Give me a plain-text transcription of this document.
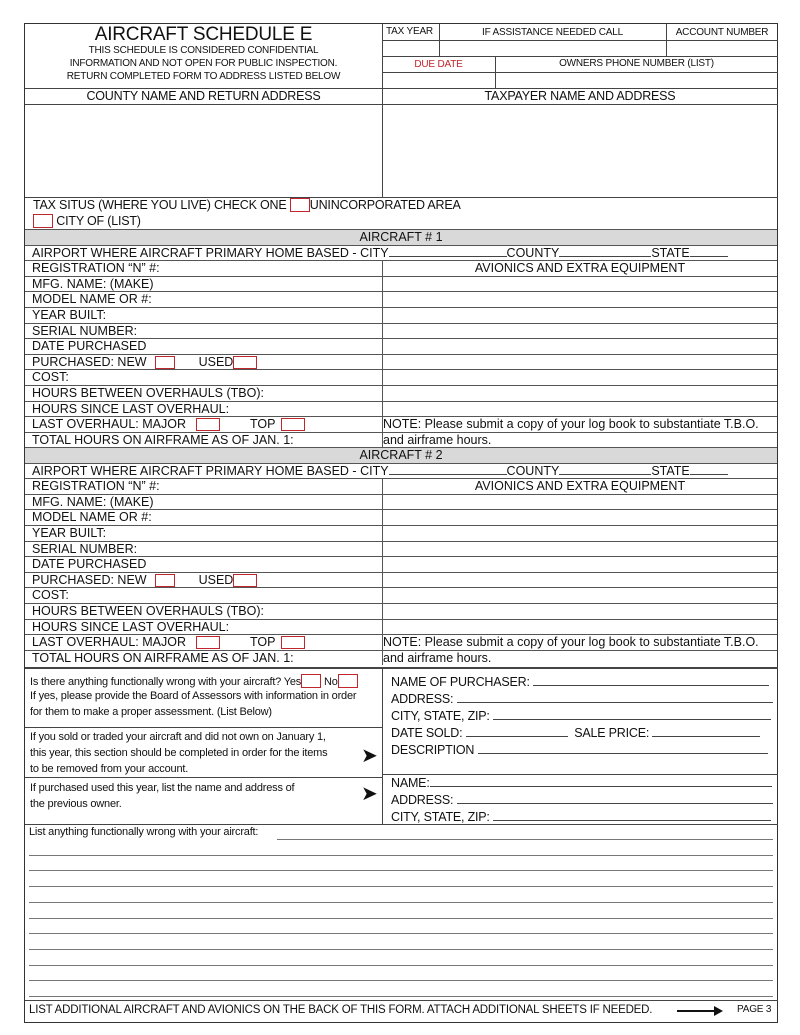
AIRCRAFT SCHEDULE E
THIS SCHEDULE IS CONSIDERED CONFIDENTIAL
INFORMATION AND NOT OPEN FOR PUBLIC INSPECTION.
RETURN COMPLETED FORM TO ADDRESS LISTED BELOW
TAX YEAR	IF ASSISTANCE NEEDED CALL	ACCOUNT NUMBER
DUE DATE	OWNERS PHONE NUMBER (LIST)
COUNTY NAME AND RETURN ADDRESS	TAXPAYER NAME AND ADDRESS
TAX SITUS (WHERE YOU LIVE) CHECK ONE UNINCORPORATED AREA
CITY OF (LIST)
AIRCRAFT # 1
AIRPORT WHERE AIRCRAFT PRIMARY HOME BASED - CITY	COUNTY	STATE
REGISTRATION “N” #:	AVIONICS AND EXTRA EQUIPMENT
MFG. NAME: (MAKE)
MODEL NAME OR #:
YEAR BUILT:
SERIAL NUMBER:
DATE PURCHASED
PURCHASED: NEW	USED
COST:
HOURS BETWEEN OVERHAULS (TBO):
HOURS SINCE LAST OVERHAUL:
LAST OVERHAUL: MAJOR	TOP	NOTE: Please submit a copy of your log book to substantiate T.B.O.
TOTAL HOURS ON AIRFRAME AS OF JAN. 1:	and airframe hours.
AIRCRAFT # 2
AIRPORT WHERE AIRCRAFT PRIMARY HOME BASED - CITY	COUNTY	STATE
REGISTRATION “N” #:	AVIONICS AND EXTRA EQUIPMENT
MFG. NAME: (MAKE)
MODEL NAME OR #:
YEAR BUILT:
SERIAL NUMBER:
DATE PURCHASED
PURCHASED: NEW	USED
COST:
HOURS BETWEEN OVERHAULS (TBO):
HOURS SINCE LAST OVERHAUL:
LAST OVERHAUL: MAJOR	TOP	NOTE: Please submit a copy of your log book to substantiate T.B.O.
TOTAL HOURS ON AIRFRAME AS OF JAN. 1:	and airframe hours.
Is there anything functionally wrong with your aircraft? Yes No
If yes, please provide the Board of Assessors with information in order
for them to make a proper assessment. (List Below)
If you sold or traded your aircraft and did not own on January 1,
this year, this section should be completed in order for the items
to be removed from your account.
➤
If purchased used this year, list the name and address of
the previous owner.	➤
NAME OF PURCHASER:
ADDRESS:
CITY, STATE, ZIP:
DATE SOLD:	SALE PRICE:
DESCRIPTION
NAME:
ADDRESS:
CITY, STATE, ZIP:
List anything functionally wrong with your aircraft:
LIST ADDITIONAL AIRCRAFT AND AVIONICS ON THE BACK OF THIS FORM. ATTACH ADDITIONAL SHEETS IF NEEDED.	PAGE 3
